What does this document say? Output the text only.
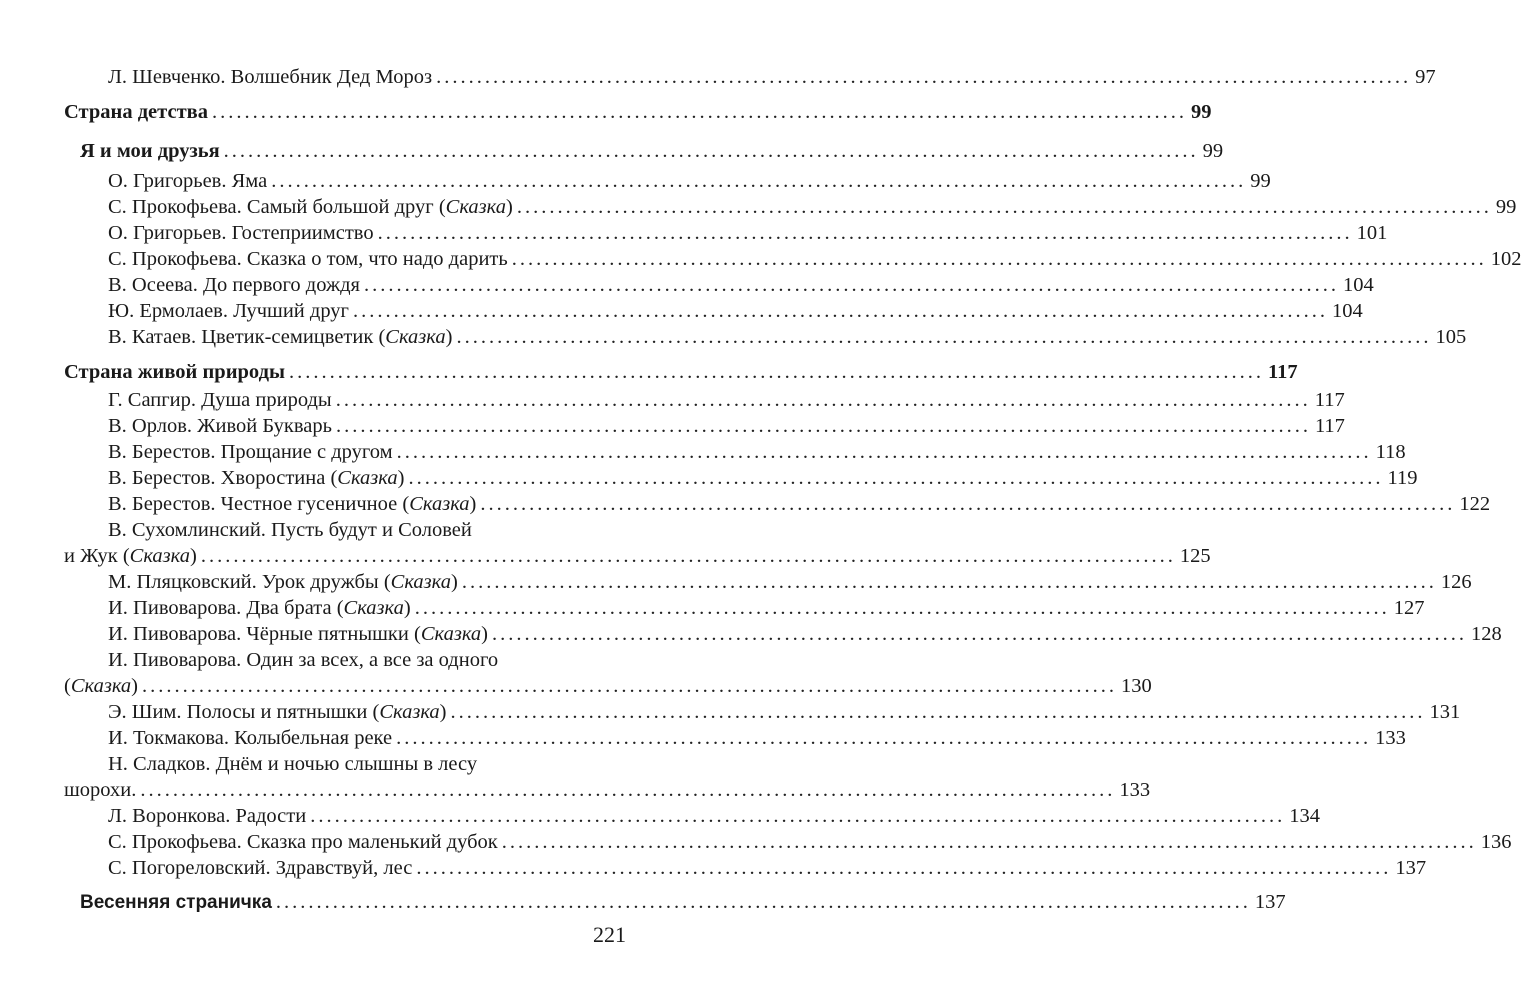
Л. Шевченко. Волшебник Дед Мороз ........................................................................................................................ 97
Страна детства ........................................................................................................................ 99
Я и мои друзья ........................................................................................................................ 99
О. Григорьев. Яма ........................................................................................................................ 99
С. Прокофьева. Самый большой друг (Сказка) ........................................................................................................................ 99
О. Григорьев. Гостеприимство ........................................................................................................................ 101
С. Прокофьева. Сказка о том, что надо дарить ........................................................................................................................ 102
В. Осеева. До первого дождя ........................................................................................................................ 104
Ю. Ермолаев. Лучший друг ........................................................................................................................ 104
В. Катаев. Цветик-семицветик (Сказка) ........................................................................................................................ 105
Страна живой природы ........................................................................................................................ 117
Г. Сапгир. Душа природы ........................................................................................................................ 117
В. Орлов. Живой Букварь ........................................................................................................................ 117
В. Берестов. Прощание с другом ........................................................................................................................ 118
В. Берестов. Хворостина (Сказка) ........................................................................................................................ 119
В. Берестов. Честное гусеничное (Сказка) ........................................................................................................................ 122
В. Сухомлинский. Пусть будут и Соловей
и Жук (Сказка) ........................................................................................................................ 125
М. Пляцковский. Урок дружбы (Сказка) ........................................................................................................................ 126
И. Пивоварова. Два брата (Сказка) ........................................................................................................................ 127
И. Пивоварова. Чёрные пятнышки (Сказка) ........................................................................................................................ 128
И. Пивоварова. Один за всех, а все за одного
(Сказка) ........................................................................................................................ 130
Э. Шим. Полосы и пятнышки (Сказка) ........................................................................................................................ 131
И. Токмакова. Колыбельная реке ........................................................................................................................ 133
Н. Сладков. Днём и ночью слышны в лесу
шорохи. ........................................................................................................................ 133
Л. Воронкова. Радости ........................................................................................................................ 134
С. Прокофьева. Сказка про маленький дубок ........................................................................................................................ 136
С. Погореловский. Здравствуй, лес ........................................................................................................................ 137
Весенняя страничка ........................................................................................................................ 137
221
